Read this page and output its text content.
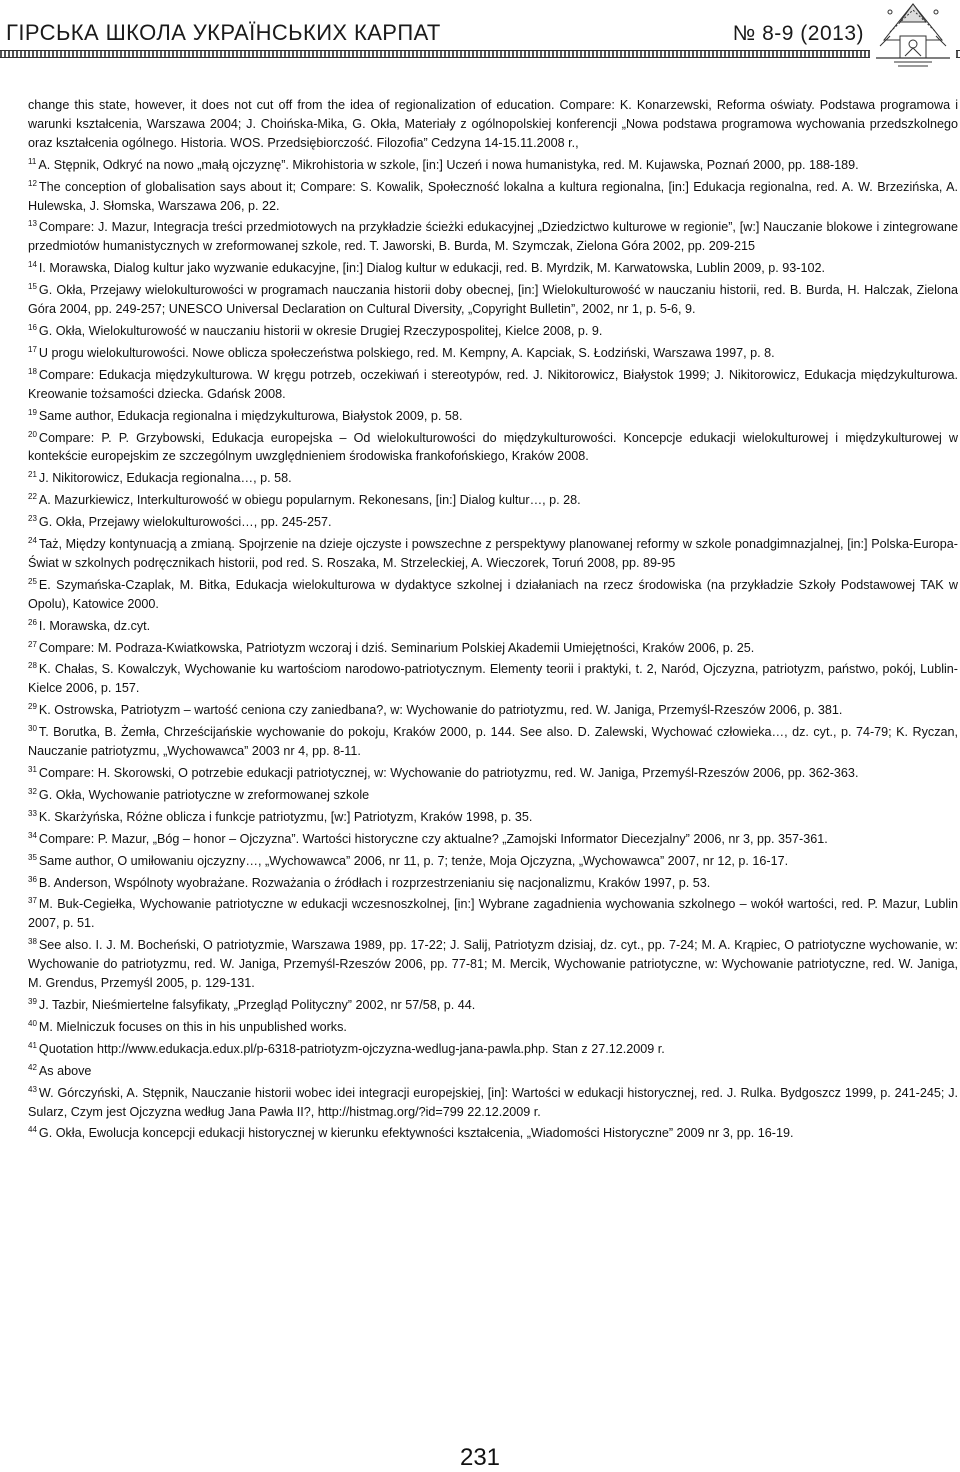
ГІРСЬКА ШКОЛА УКРАЇНСЬКИХ КАРПАТ	№ 8-9 (2013)

change this state, however, it does not cut off from the idea of regionalization of education. Compare: K. Konarzewski, Reforma oświaty. Podstawa programowa i warunki kształcenia, Warszawa 2004; J. Choińska-Mika, G. Okła, Materiały z ogólnopolskiej konferencji „Nowa podstawa programowa wychowania przedszkolnego oraz kształcenia ogólnego. Historia. WOS. Przedsiębiorczość. Filozofia” Cedzyna 14-15.11.2008 r.,

$^{11}$ A. Stępnik, Odkryć na nowo „małą ojczyznę”. Mikrohistoria w szkole, [in:] Uczeń i nowa humanistyka, red. M. Kujawska, Poznań 2000, pp. 188-189.

$^{12}$ The conception of globalisation says about it; Compare: S. Kowalik, Społeczność lokalna a kultura regionalna, [in:] Edukacja regionalna, red. A. W. Brzezińska, A. Hulewska, J. Słomska, Warszawa 206, p. 22.

$^{13}$ Compare: J. Mazur, Integracja treści przedmiotowych na przykładzie ścieżki edukacyjnej „Dziedzictwo kulturowe w regionie”, [w:] Nauczanie blokowe i zintegrowane przedmiotów humanistycznych w zreformowanej szkole, red. T. Jaworski, B. Burda, M. Szymczak, Zielona Góra 2002, pp. 209-215

$^{14}$ I. Morawska, Dialog kultur jako wyzwanie edukacyjne, [in:] Dialog kultur w edukacji, red. B. Myrdzik, M. Karwatowska, Lublin 2009, p. 93-102.

$^{15}$ G. Okła, Przejawy wielokulturowości w programach nauczania historii doby obecnej, [in:] Wielokulturowość w nauczaniu historii, red. B. Burda, H. Halczak, Zielona Góra 2004, pp. 249-257; UNESCO Universal Declaration on Cultural Diversity, „Copyright Bulletin”, 2002, nr 1, p. 5-6, 9.

$^{16}$ G. Okła, Wielokulturowość w nauczaniu historii w okresie Drugiej Rzeczypospolitej, Kielce 2008, p. 9.

$^{17}$ U progu wielokulturowości. Nowe oblicza społeczeństwa polskiego, red. M. Kempny, A. Kapciak, S. Łodziński, Warszawa 1997, p. 8.

$^{18}$ Compare: Edukacja międzykulturowa. W kręgu potrzeb, oczekiwań i stereotypów, red. J. Nikitorowicz, Białystok 1999; J. Nikitorowicz, Edukacja międzykulturowa. Kreowanie tożsamości dziecka. Gdańsk 2008.

$^{19}$ Same author, Edukacja regionalna i międzykulturowa, Białystok 2009, p. 58.

$^{20}$ Compare: P. P. Grzybowski, Edukacja europejska – Od wielokulturowości do międzykulturowości. Koncepcje edukacji wielokulturowej i międzykulturowej w kontekście europejskim ze szczególnym uwzględnieniem środowiska frankofońskiego, Kraków 2008.

$^{21}$ J. Nikitorowicz, Edukacja regionalna…, p. 58.

$^{22}$ A. Mazurkiewicz, Interkulturowość w obiegu popularnym. Rekonesans, [in:] Dialog kultur…, p. 28.

$^{23}$ G. Okła, Przejawy wielokulturowości…, pp. 245-257.

$^{24}$ Taż, Między kontynuacją a zmianą. Spojrzenie na dzieje ojczyste i powszechne z perspektywy planowanej reformy w szkole ponadgimnazjalnej, [in:] Polska-Europa-Świat w szkolnych podręcznikach historii, pod red. S. Roszaka, M. Strzeleckiej, A. Wieczorek, Toruń 2008, pp. 89-95

$^{25}$ E. Szymańska-Czaplak, M. Bitka, Edukacja wielokulturowa w dydaktyce szkolnej i działaniach na rzecz środowiska (na przykładzie Szkoły Podstawowej TAK w Opolu), Katowice 2000.

$^{26}$ I. Morawska, dz.cyt.

$^{27}$ Compare: M. Podraza-Kwiatkowska, Patriotyzm wczoraj i dziś. Seminarium Polskiej Akademii Umiejętności, Kraków 2006, p. 25.

$^{28}$ K. Chałas, S. Kowalczyk, Wychowanie ku wartościom narodowo-patriotycznym. Elementy teorii i praktyki, t. 2, Naród, Ojczyzna, patriotyzm, państwo, pokój, Lublin-Kielce 2006, p. 157.

$^{29}$ K. Ostrowska, Patriotyzm – wartość ceniona czy zaniedbana?, w: Wychowanie do patriotyzmu, red. W. Janiga, Przemyśl-Rzeszów 2006, p. 381.

$^{30}$ T. Borutka, B. Żemła, Chrześcijańskie wychowanie do pokoju, Kraków 2000, p. 144. See also. D. Zalewski, Wychować człowieka…, dz. cyt., p. 74-79; K. Ryczan, Nauczanie patriotyzmu, „Wychowawca” 2003 nr 4, pp. 8-11.

$^{31}$ Compare: H. Skorowski, O potrzebie edukacji patriotycznej, w: Wychowanie do patriotyzmu, red. W. Janiga, Przemyśl-Rzeszów 2006, pp. 362-363.

$^{32}$ G. Okła, Wychowanie patriotyczne w zreformowanej szkole

$^{33}$ K. Skarżyńska, Różne oblicza i funkcje patriotyzmu, [w:] Patriotyzm, Kraków 1998, p. 35.

$^{34}$ Compare: P. Mazur, „Bóg – honor – Ojczyzna”. Wartości historyczne czy aktualne? „Zamojski Informator Diecezjalny” 2006, nr 3, pp. 357-361.

$^{35}$ Same author, O umiłowaniu ojczyzny…, „Wychowawca” 2006, nr 11, p. 7; tenże, Moja Ojczyzna, „Wychowawca” 2007, nr 12, p. 16-17.

$^{36}$ B. Anderson, Wspólnoty wyobrażane. Rozważania o źródłach i rozprzestrzenianiu się nacjonalizmu, Kraków 1997, p. 53.

$^{37}$ M. Buk-Cegiełka, Wychowanie patriotyczne w edukacji wczesnoszkolnej, [in:] Wybrane zagadnienia wychowania szkolnego – wokół wartości, red. P. Mazur, Lublin 2007, p. 51.

$^{38}$ See also. I. J. M. Bocheński, O patriotyzmie, Warszawa 1989, pp. 17-22; J. Salij, Patriotyzm dzisiaj, dz. cyt., pp. 7-24; M. A. Krąpiec, O patriotyczne wychowanie, w: Wychowanie do patriotyzmu, red. W. Janiga, Przemyśl-Rzeszów 2006, pp. 77-81; M. Mercik, Wychowanie patriotyczne, w: Wychowanie patriotyczne, red. W. Janiga, M. Grendus, Przemyśl 2005, p. 129-131.

$^{39}$ J. Tazbir, Nieśmiertelne falsyfikaty, „Przegląd Polityczny” 2002, nr 57/58, p. 44.

$^{40}$ M. Mielniczuk focuses on this in his unpublished works.

$^{41}$ Quotation http://www.edukacja.edux.pl/p-6318-patriotyzm-ojczyzna-wedlug-jana-pawla.php. Stan z 27.12.2009 r.

$^{42}$ As above

$^{43}$ W. Górczyński, A. Stępnik, Nauczanie historii wobec idei integracji europejskiej, [in]: Wartości w edukacji historycznej, red. J. Rulka. Bydgoszcz 1999, p. 241-245; J. Sularz, Czym jest Ojczyzna według Jana Pawła II?, http://histmag.org/?id=799 22.12.2009 r.

$^{44}$ G. Okła, Ewolucja koncepcji edukacji historycznej w kierunku efektywności kształcenia, „Wiadomości Historyczne” 2009 nr 3, pp. 16-19.

231
